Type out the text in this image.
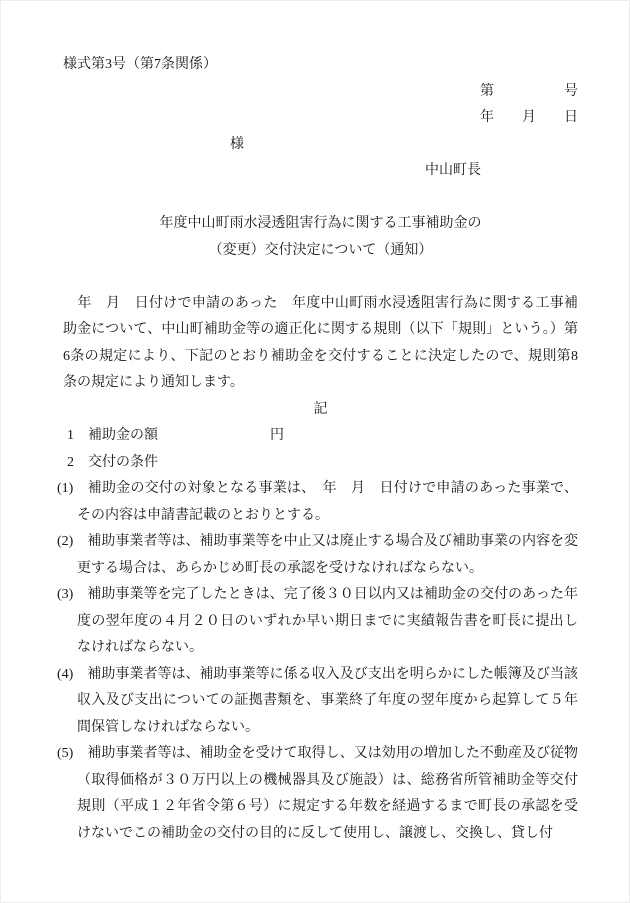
様式第3号（第7条関係）
第　　　　　号
年　　月　　日
様
中山町長
年度中山町雨水浸透阻害行為に関する工事補助金の
（変更）交付決定について（通知）

　年　月　日付けで申請のあった　年度中山町雨水浸透阻害行為に関する工事補助金について、中山町補助金等の適正化に関する規則（以下「規則」という。）第6条の規定により、下記のとおり補助金を交付することに決定したので、規則第8条の規定により通知します。

記
1　補助金の額　　　　　　　　円
2　交付の条件

(1)　補助金の交付の対象となる事業は、　年　月　日付けで申請のあった事業で、その内容は申請書記載のとおりとする。

(2)　補助事業者等は、補助事業等を中止又は廃止する場合及び補助事業の内容を変更する場合は、あらかじめ町長の承認を受けなければならない。

(3)　補助事業等を完了したときは、完了後３０日以内又は補助金の交付のあった年度の翌年度の４月２０日のいずれか早い期日までに実績報告書を町長に提出しなければならない。

(4)　補助事業者等は、補助事業等に係る収入及び支出を明らかにした帳簿及び当該収入及び支出についての証拠書類を、事業終了年度の翌年度から起算して５年間保管しなければならない。

(5)　補助事業者等は、補助金を受けて取得し、又は効用の増加した不動産及び従物（取得価格が３０万円以上の機械器具及び施設）は、総務省所管補助金等交付規則（平成１２年省令第６号）に規定する年数を経過するまで町長の承認を受けないでこの補助金の交付の目的に反して使用し、譲渡し、交換し、貸し付
